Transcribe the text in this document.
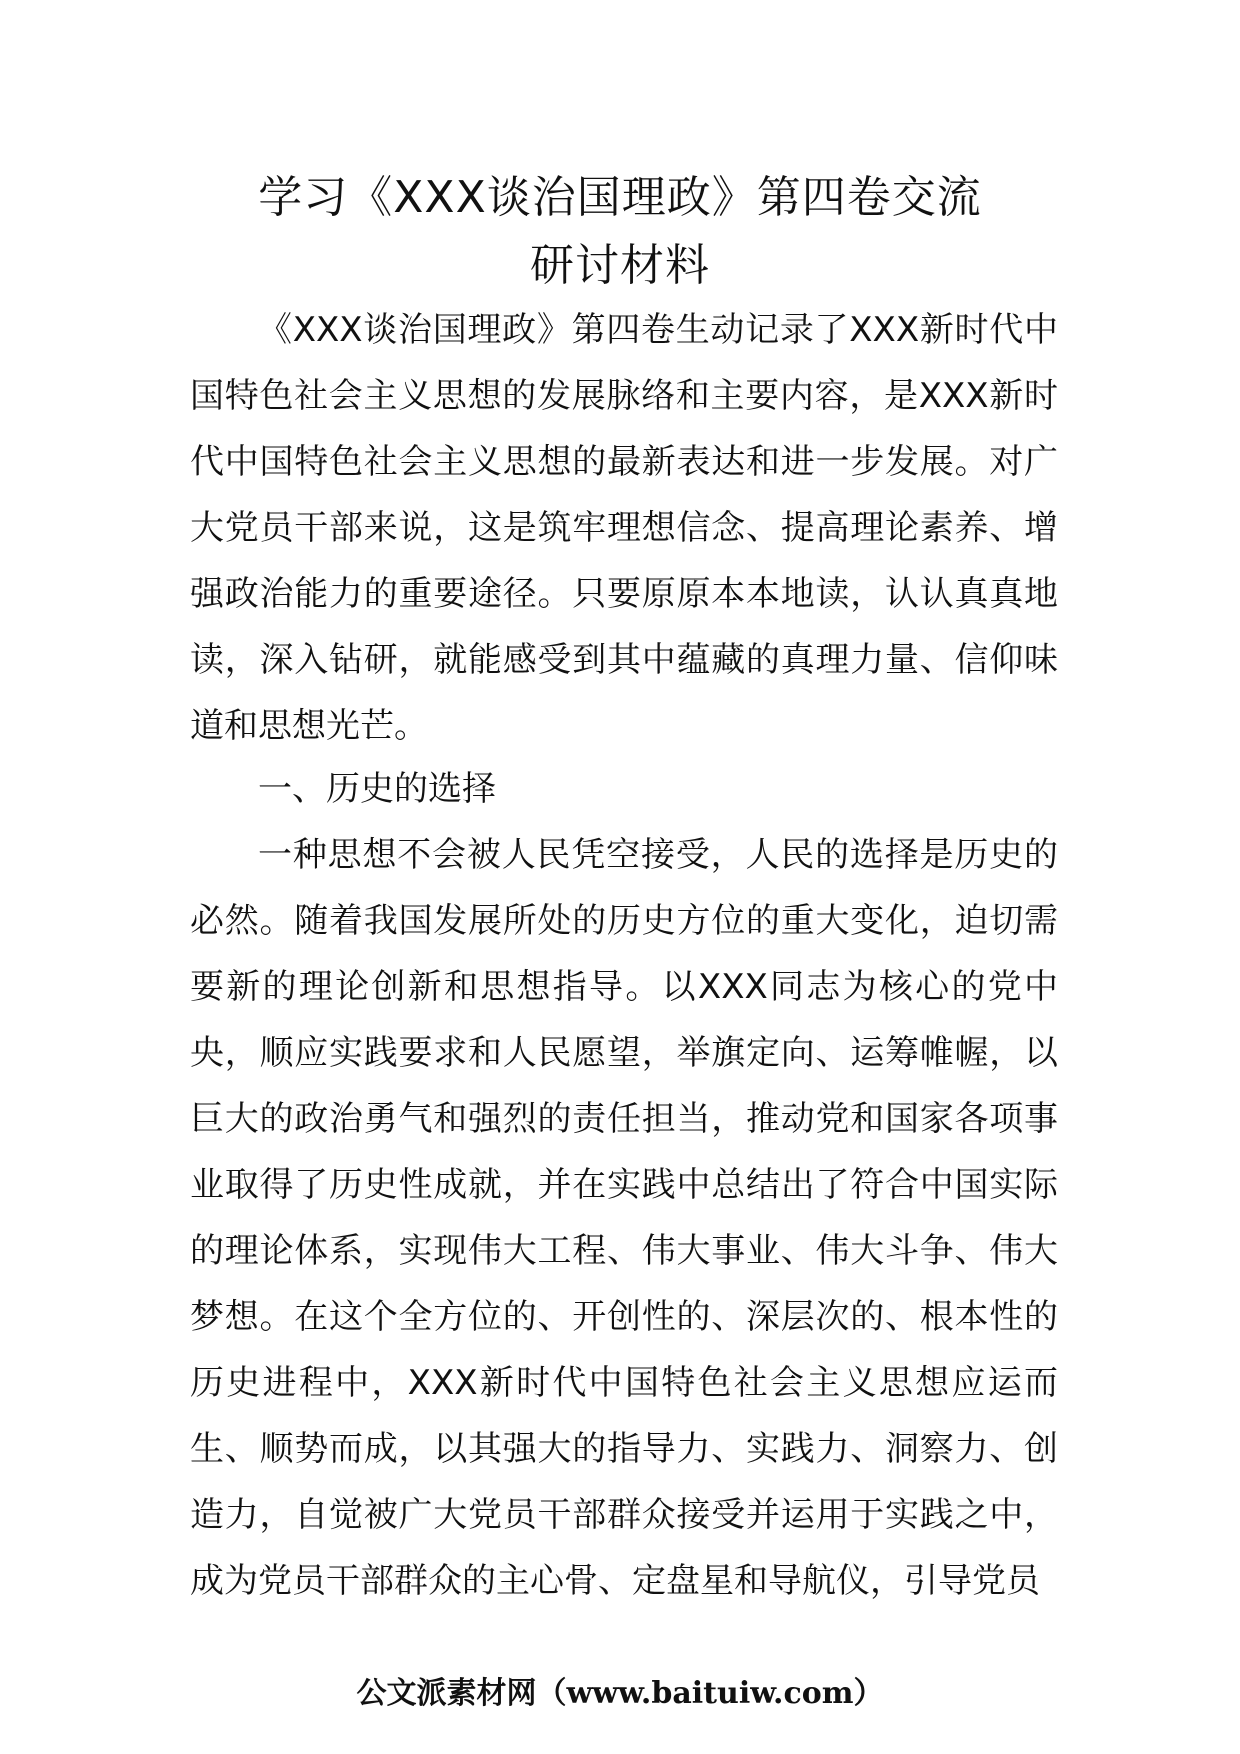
学习《XXX谈治国理政》第四卷交流
研讨材料
《XXX谈治国理政》第四卷生动记录了XXX新时代中国特色社会主义思想的发展脉络和主要内容，是XXX新时代中国特色社会主义思想的最新表达和进一步发展。对广大党员干部来说，这是筑牢理想信念、提高理论素养、增强政治能力的重要途径。只要原原本本地读，认认真真地读，深入钻研，就能感受到其中蕴藏的真理力量、信仰味道和思想光芒。
一、历史的选择
一种思想不会被人民凭空接受，人民的选择是历史的必然。随着我国发展所处的历史方位的重大变化，迫切需要新的理论创新和思想指导。以XXX同志为核心的党中央，顺应实践要求和人民愿望，举旗定向、运筹帷幄，以巨大的政治勇气和强烈的责任担当，推动党和国家各项事业取得了历史性成就，并在实践中总结出了符合中国实际的理论体系，实现伟大工程、伟大事业、伟大斗争、伟大梦想。在这个全方位的、开创性的、深层次的、根本性的历史进程中，XXX新时代中国特色社会主义思想应运而生、顺势而成，以其强大的指导力、实践力、洞察力、创造力，自觉被广大党员干部群众接受并运用于实践之中，成为党员干部群众的主心骨、定盘星和导航仪，引导党员
公文派素材网（www.baituiw.com）
